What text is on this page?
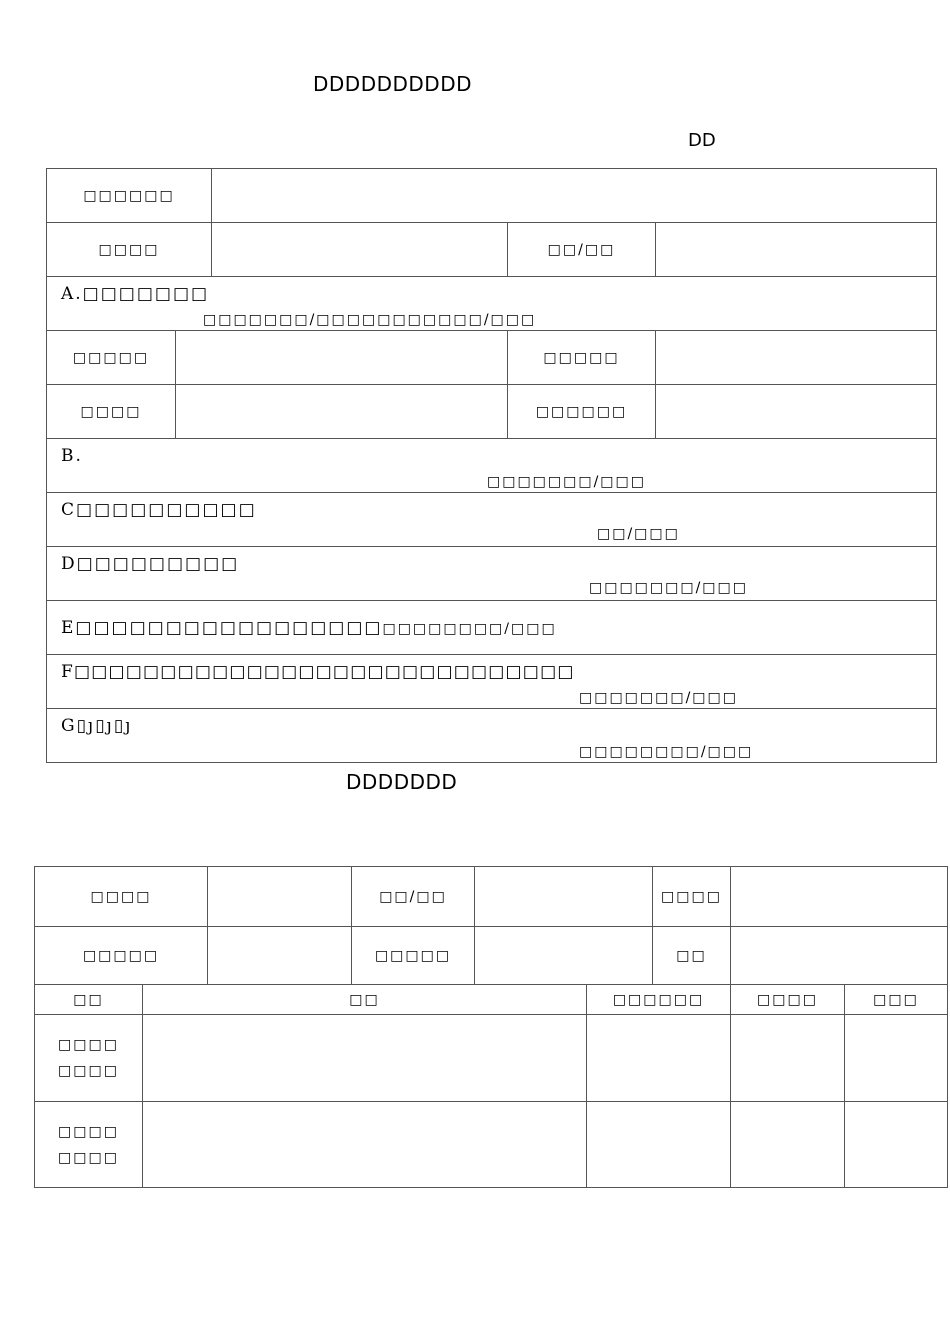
DDDDDDDDDD
DD
□□□□□□				
□□□□			□□/□□	

A.□□□□□□□
□□□□□□□/□□□□□□□□□□□/□□□				

□□□□□			□□□□□	
□□□□			□□□□□□	

B.
□□□□□□□/□□□				

C□□□□□□□□□□
□□/□□□				

D□□□□□□□□□
□□□□□□□/□□□				

E□□□□□□□□□□□□□□□□□□□□□□□□□/□□□				

F□□□□□□□□□□□□□□□□□□□□□□□□□□□□□
□□□□□□□/□□□				

G▯ȷ▯ȷ▯ȷ
□□□□□□□□/□□□				
DDDDDDD
□□□□			□□/□□			□□□□		
□□□□□			□□□□□			□□		
□□	□□				□□□□□□		□□□□	□□□

□□□□
□□□□								

□□□□
□□□□								
